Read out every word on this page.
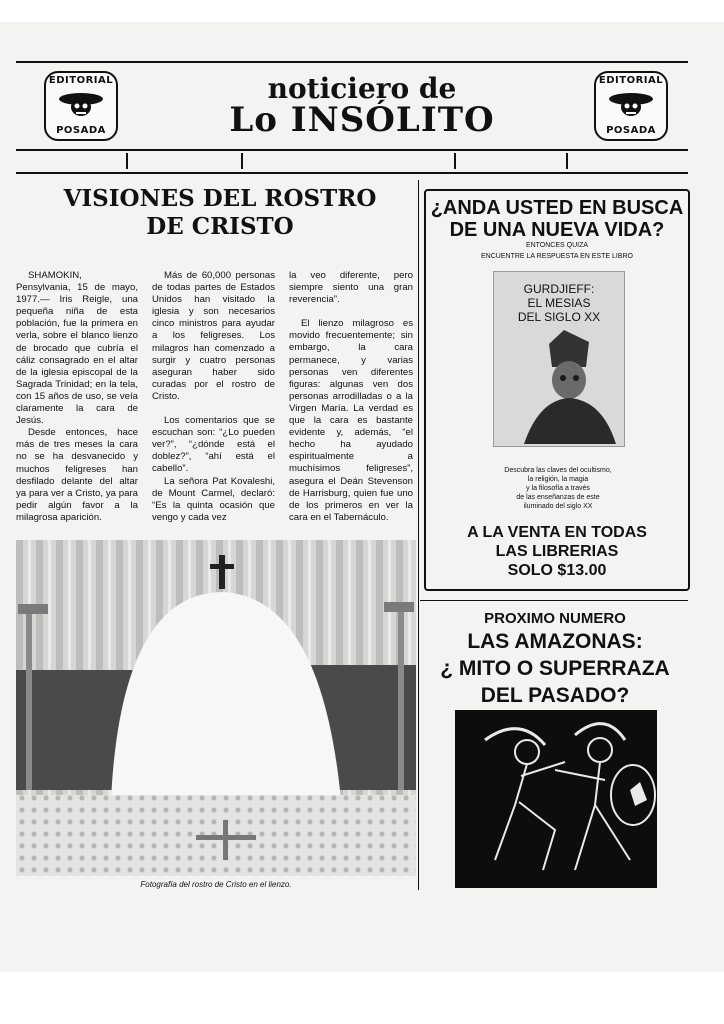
EDITORIAL
POSADA
EDITORIAL
POSADA
noticiero de
Lo INSÓLITO
VISIONES DEL ROSTRO
DE CRISTO

SHAMOKIN, Pensylvania, 15 de mayo, 1977.— Iris Reigle, una pequeña niña de esta población, fue la primera en verla, sobre el blanco lienzo de brocado que cubría el cáliz consagrado en el altar de la iglesia episcopal de la Sagrada Trinidad; en la tela, con 15 años de uso, se veía claramente la cara de Jesús.

Desde entonces, hace más de tres meses la cara no se ha desvanecido y muchos feligreses han desfilado delante del altar ya para ver a Cristo, ya para pedir algún favor a la milagrosa aparición.

Más de 60,000 personas de todas partes de Estados Unidos han visitado la iglesia y son necesarios cinco ministros para ayudar a los feligreses. Los milagros han comenzado a surgir y cuatro personas aseguran haber sido curadas por el rostro de Cristo.

Los comentarios que se escuchan son: “¿Lo pueden ver?”, “¿dónde está el doblez?”, “ahí está el cabello”.

La señora Pat Kovaleshi, de Mount Carmel, declaró: “Es la quinta ocasión que vengo y cada vez

la veo diferente, pero siempre siento una gran reverencia”.

El lienzo milagroso es movido frecuentemente; sin embargo, la cara permanece, y varias personas ven diferentes figuras: algunas ven dos personas arrodilladas o a la Virgen María. La verdad es que la cara es bastante evidente y, además, “el hecho ha ayudado espiritualmente a muchísimos feligreses”, asegura el Deán Stevenson de Harrisburg, quien fue uno de los primeros en ver la cara en el Tabernáculo.

Fotografía del rostro de Cristo en el lienzo.
¿ANDA USTED EN BUSCA
DE UNA NUEVA VIDA?
ENTONCES QUIZA
ENCUENTRE LA RESPUESTA EN ESTE LIBRO
GURDJIEFF:
EL MESIAS
DEL SIGLO XX
Descubra las claves del ocultismo,
la religión, la magia
y la filosofía a través
de las enseñanzas de este
iluminado del siglo XX
A LA VENTA EN TODAS
LAS LIBRERIAS
SOLO $13.00
PROXIMO NUMERO
LAS AMAZONAS:
¿ MITO O SUPERRAZA
DEL PASADO?
